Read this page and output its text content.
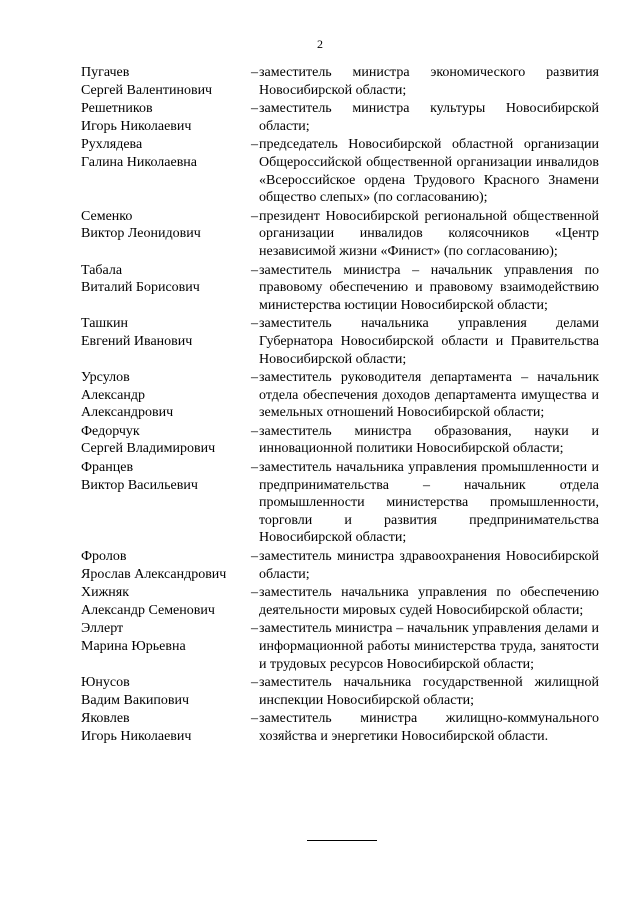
2
Пугачев
Сергей Валентинович
– заместитель министра экономического развития Новосибирской области;
Решетников
Игорь Николаевич
– заместитель министра культуры Новосибирской области;
Рухлядева
Галина Николаевна
– председатель Новосибирской областной организации Общероссийской общественной организации инвалидов «Всероссийское ордена Трудового Красного Знамени общество слепых» (по согласованию);
Семенко
Виктор Леонидович
– президент Новосибирской региональной общественной организации инвалидов колясочников «Центр независимой жизни «Финист» (по согласованию);
Табала
Виталий Борисович
– заместитель министра – начальник управления по правовому обеспечению и правовому взаимодействию министерства юстиции Новосибирской области;
Ташкин
Евгений Иванович
– заместитель начальника управления делами Губернатора Новосибирской области и Правительства Новосибирской области;
Урсулов
Александр
Александрович
– заместитель руководителя департамента – начальник отдела обеспечения доходов департамента имущества и земельных отношений Новосибирской области;
Федорчук
Сергей Владимирович
– заместитель министра образования, науки и инновационной политики Новосибирской области;
Францев
Виктор Васильевич
– заместитель начальника управления промышленности и предпринимательства – начальник отдела промышленности министерства промышленности, торговли и развития предпринимательства Новосибирской области;
Фролов
Ярослав Александрович
– заместитель министра здравоохранения Новосибирской области;
Хижняк
Александр Семенович
– заместитель начальника управления по обеспечению деятельности мировых судей Новосибирской области;
Эллерт
Марина Юрьевна
– заместитель министра – начальник управления делами и информационной работы министерства труда, занятости и трудовых ресурсов Новосибирской области;
Юнусов
Вадим Вакипович
– заместитель начальника государственной жилищной инспекции Новосибирской области;
Яковлев
Игорь Николаевич
– заместитель министра жилищно-коммунального хозяйства и энергетики Новосибирской области.
